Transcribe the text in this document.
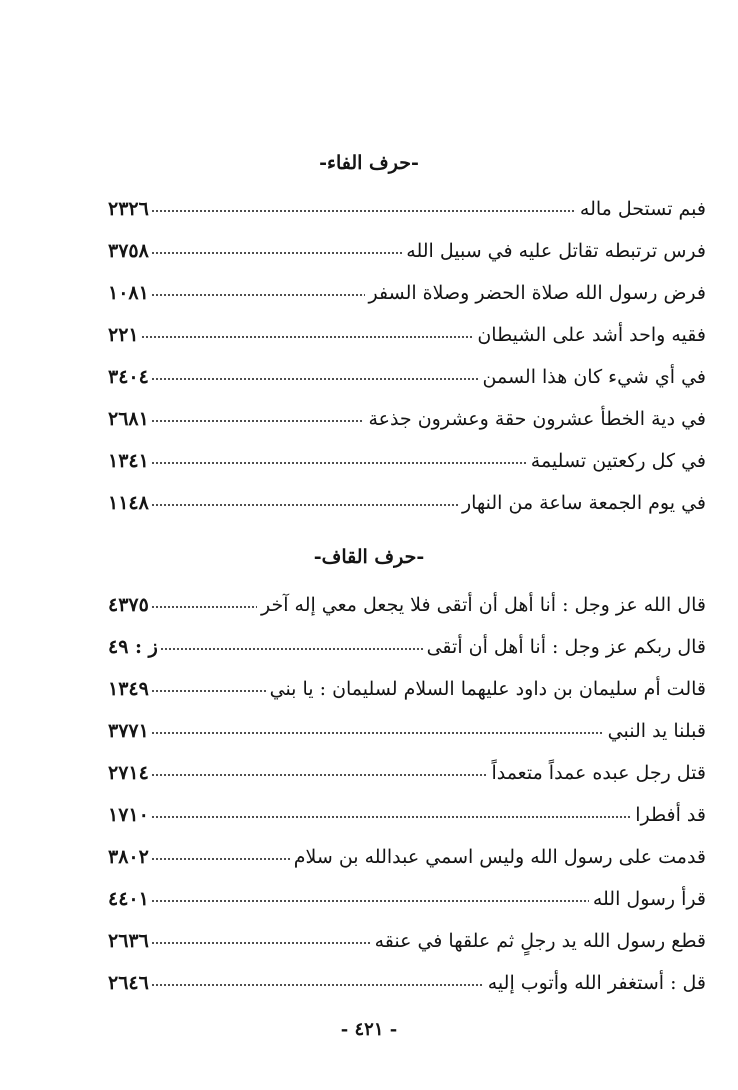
-حرف الفاء-
فبم تستحل ماله
٢٣٢٦
فرس ترتبطه تقاتل عليه في سبيل الله
٣٧٥٨
فرض رسول الله صلاة الحضر وصلاة السفر
١٠٨١
فقيه واحد أشد على الشيطان
٢٢١
في أي شيء كان هذا السمن
٣٤٠٤
في دية الخطأ عشرون حقة وعشرون جذعة
٢٦٨١
في كل ركعتين تسليمة
١٣٤١
في يوم الجمعة ساعة من النهار
١١٤٨
-حرف القاف-
قال الله عز وجل : أنا أهل أن أتقى فلا يجعل معي إله آخر
٤٣٧٥
قال ربكم عز وجل : أنا أهل أن أتقى
ز : ٤٩
قالت أم سليمان بن داود عليهما السلام لسليمان : يا بني
١٣٤٩
قبلنا يد النبي
٣٧٧١
قتل رجل عبده عمداً متعمداً
٢٧١٤
قد أفطرا
١٧١٠
قدمت على رسول الله وليس اسمي عبدالله بن سلام
٣٨٠٢
قرأ رسول الله
٤٤٠١
قطع رسول الله يد رجلٍ ثم علقها في عنقه
٢٦٣٦
قل : أستغفر الله وأتوب إليه
٢٦٤٦
- ٤٢١ -
